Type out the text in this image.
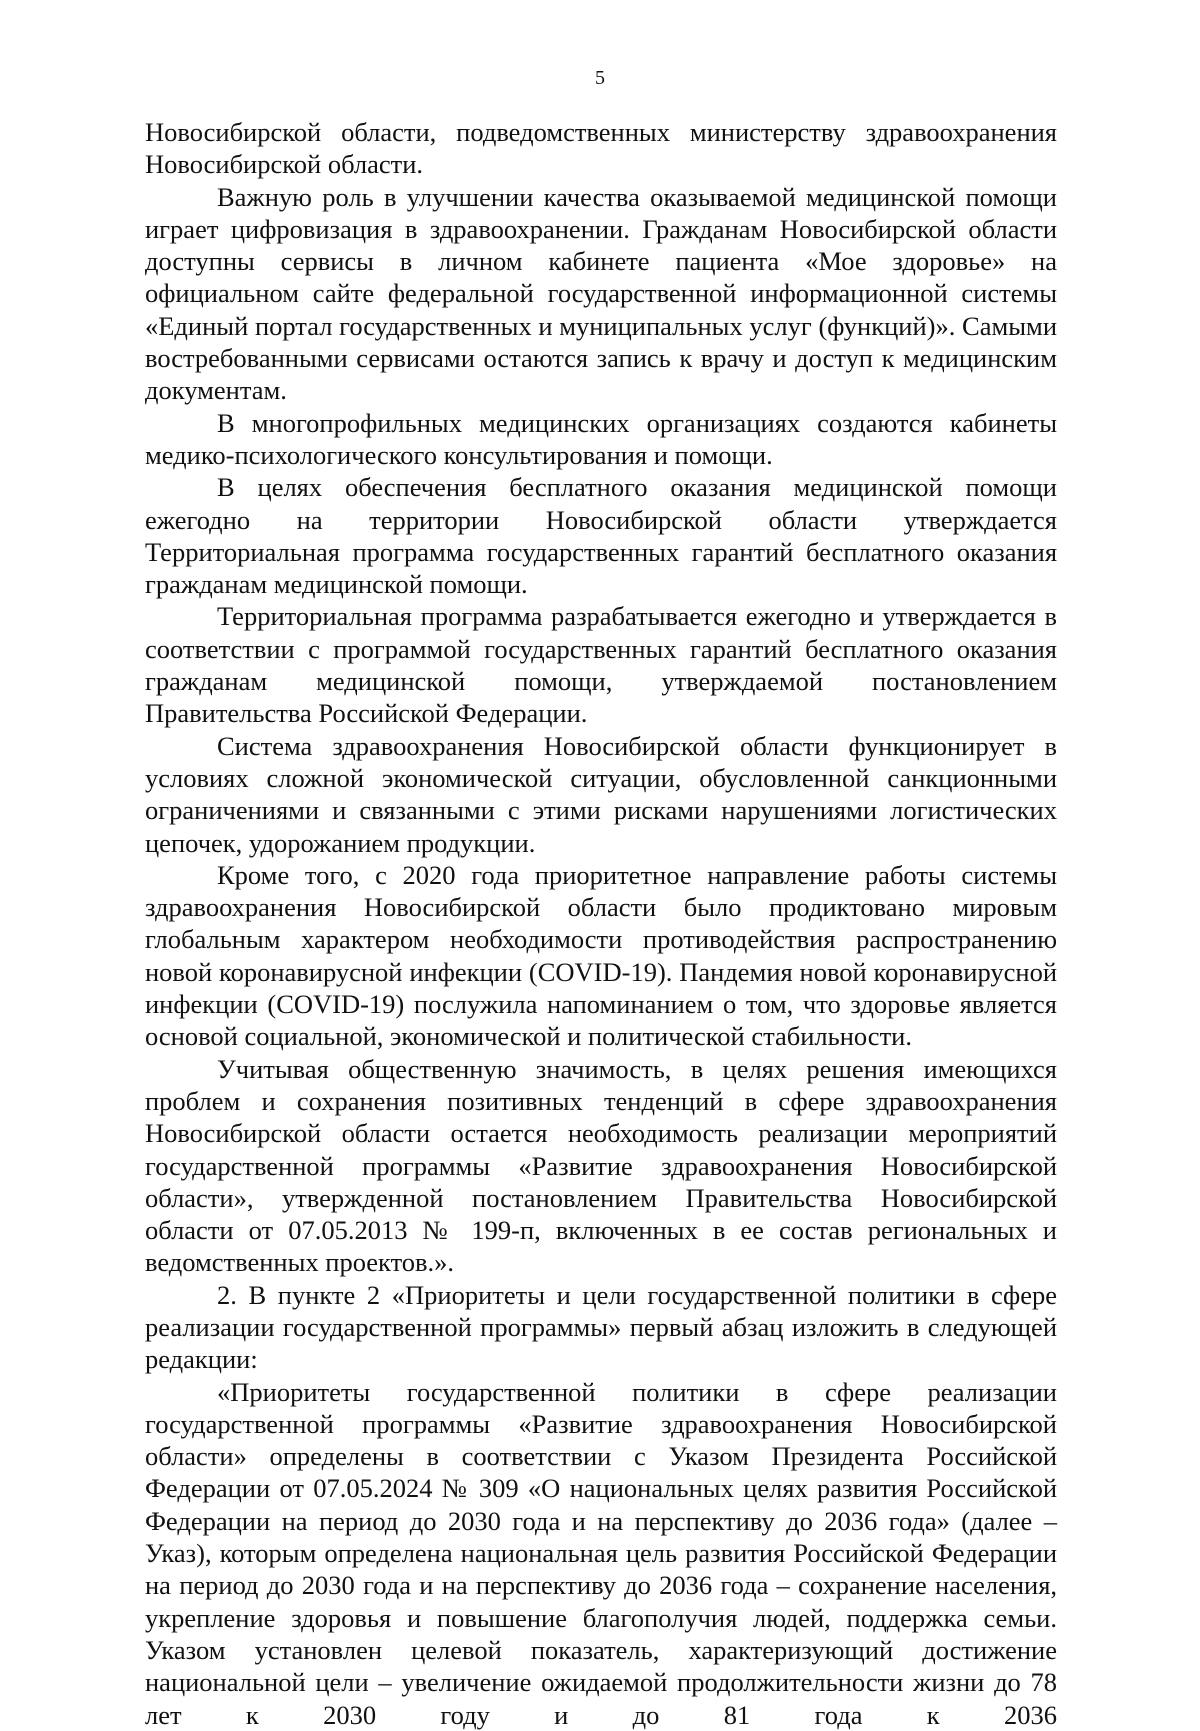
5

Новосибирской области, подведомственных министерству здравоохранения Новосибирской области.

Важную роль в улучшении качества оказываемой медицинской помощи играет цифровизация в здравоохранении. Гражданам Новосибирской области доступны сервисы в личном кабинете пациента «Мое здоровье» на официальном сайте федеральной государственной информационной системы «Единый портал государственных и муниципальных услуг (функций)». Самыми востребованными сервисами остаются запись к врачу и доступ к медицинским документам.

В многопрофильных медицинских организациях создаются кабинеты медико-психологического консультирования и помощи.

В целях обеспечения бесплатного оказания медицинской помощи ежегодно на территории Новосибирской области утверждается Территориальная программа государственных гарантий бесплатного оказания гражданам медицинской помощи.

Территориальная программа разрабатывается ежегодно и утверждается в соответствии с программой государственных гарантий бесплатного оказания гражданам медицинской помощи, утверждаемой постановлением Правительства Российской Федерации.

Система здравоохранения Новосибирской области функционирует в условиях сложной экономической ситуации, обусловленной санкционными ограничениями и связанными с этими рисками нарушениями логистических цепочек, удорожанием продукции.

Кроме того, с 2020 года приоритетное направление работы системы здравоохранения Новосибирской области было продиктовано мировым глобальным характером необходимости противодействия распространению новой коронавирусной инфекции (COVID-19). Пандемия новой коронавирусной инфекции (COVID-19) послужила напоминанием о том, что здоровье является основой социальной, экономической и политической стабильности.

Учитывая общественную значимость, в целях решения имеющихся проблем и сохранения позитивных тенденций в сфере здравоохранения Новосибирской области остается необходимость реализации мероприятий государственной программы «Развитие здравоохранения Новосибирской области», утвержденной постановлением Правительства Новосибирской области от 07.05.2013 № 199-п, включенных в ее состав региональных и ведомственных проектов.».

2. В пункте 2 «Приоритеты и цели государственной политики в сфере реализации государственной программы» первый абзац изложить в следующей редакции:

«Приоритеты государственной политики в сфере реализации государственной программы «Развитие здравоохранения Новосибирской области» определены в соответствии с Указом Президента Российской Федерации от 07.05.2024 № 309 «О национальных целях развития Российской Федерации на период до 2030 года и на перспективу до 2036 года» (далее – Указ), которым определена национальная цель развития Российской Федерации на период до 2030 года и на перспективу до 2036 года – сохранение населения, укрепление здоровья и повышение благополучия людей, поддержка семьи. Указом установлен целевой показатель, характеризующий достижение национальной цели – увеличение ожидаемой продолжительности жизни до 78 лет к 2030 году и до 81 года к 2036
